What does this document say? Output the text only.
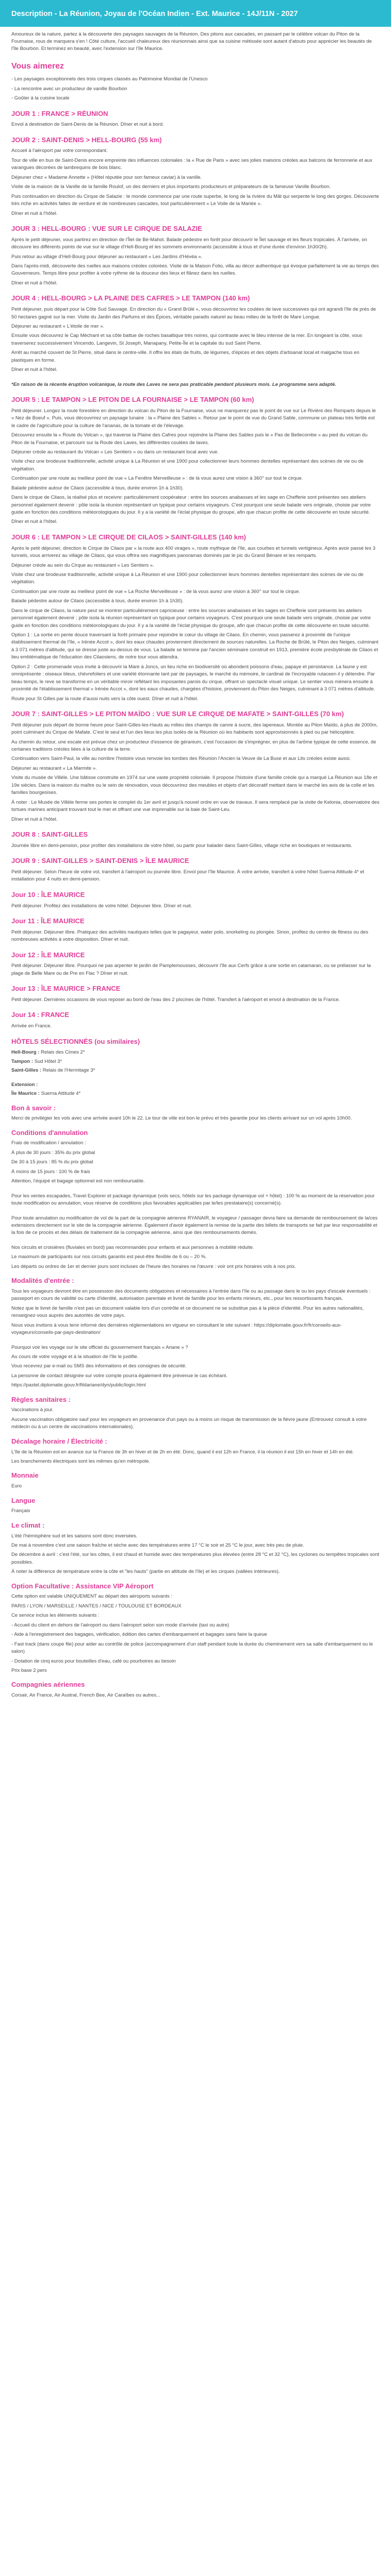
Description - La Réunion, Joyau de l'Océan Indien - Ext. Maurice - 14J/11N - 2027

Amoureux de la nature, partez à la découverte des paysages sauvages de la Réunion. Des pitons aux cascades, en passant par le célèbre volcan du Piton de la Fournaise, rous de marquera s'en ! Côté culture, l'accueil chaleureux des réunionnais ainsi que sa cuisine métissée sont autant d'atouts pour apprécier les beautés de l'île Bourbon. Et terminez en beauté, avec l'extension sur l'île Maurice.

Vous aimerez

- Les paysages exceptionnels des trois cirques classés au Patrimoine Mondial de l'Unesco

- La rencontre avec un producteur de vanille Bourbon

- Goûter à la cuisine locale

JOUR 1 : FRANCE > RÉUNION

Envol à destination de Saint-Denis de la Réunion. Dîner et nuit à bord.

JOUR 2 : SAINT-DENIS > HELL-BOURG (55 km)

Accueil à l'aéroport par votre correspondant.

Tour de ville en bus de Saint-Denis encore empreinte des influences coloniales : la « Rue de Paris » avec ses jolies maisons créoles aux balcons de ferronnerie et aux varangues décorées de lambrequins de bois blanc.

Déjeuner chez « Madame Annette » (Hôtel réputée pour son fameux caviar) à la vanille.

Visite de la maison de la Vanille de la famille Roulof, un des derniers et plus importants producteurs et préparateurs de la fameuse Vanille Bourbon.

Puis continuation en direction du Cirque de Salazie : le monde commence par une route superbe, le long de la rivière du Mât qui serpente le long des gorges. Découverte très riche en activités faites de verdure et de nombreuses cascades, tout particulièrement « Le Voile de la Mariée ».

Dîner et nuit à l'hôtel.

JOUR 3 : HELL-BOURG : VUE SUR LE CIRQUE DE SALAZIE

Après le petit déjeuner, vous partirez en direction de l'Îlet de Bé-Mahot. Balade pédestre en forêt pour découvrir le Îlet sauvage et les fleurs tropicales. À l'arrivée, on découvre les différents points de vue sur le village d'Hell-Bourg et les sommets environnants (accessible à tous et d'une durée d'environ 1h30/2h).

Puis retour au village d'Hell-Bourg pour déjeuner au restaurant « Les Jardins d'Hévéa ».

Dans l'après-midi, découverte des ruelles aux maisons créoles colorées. Visite de la Maison Folio, villa au décor authentique qui évoque parfaitement la vie au temps des Gouverneurs. Temps libre pour profiter à votre rythme de la douceur des lieux et flânez dans les ruelles.

Dîner et nuit à l'hôtel.

JOUR 4 : HELL-BOURG > LA PLAINE DES CAFRES > LE TAMPON (140 km)

Petit déjeuner, puis départ pour la Côte Sud Sauvage. En direction du « Grand Brûlé », vous découvrirez les coulées de lave successives qui ont agrandi l'île de près de 50 hectares gagné sur la mer. Visite du Jardin des Parfums et des Épices, véritable paradis naturel au beau milieu de la forêt de Mare Longue.

Déjeuner au restaurant « L'étoile de mer ».

Ensuite vous découvrez le Cap Méchant et sa côte battue de roches basaltique très noires, qui contraste avec le bleu intense de la mer. En longeant la côte, vous traverserez successivement Vincendo, Langevin, St Joseph, Manapany, Petite-Île et la capitale du sud Saint Pierre.

Arrêt au marché couvert de St Pierre, situé dans le centre-ville. Il offre les étals de fruits, de légumes, d'épices et des objets d'artisanat local et malgache tous en plastiques en forme.

Dîner et nuit à l'hôtel.

*En raison de la récente éruption volcanique, la route des Laves ne sera pas praticable pendant plusieurs mois. Le programme sera adapté.

JOUR 5 : LE TAMPON > LE PITON DE LA FOURNAISE > LE TAMPON (60 km)

Petit déjeuner. Longez la route forestière en direction du volcan du Piton de la Fournaise, vous ne manquerez pas le point de vue sur Le Rivière des Remparts depuis le « Nez de Boeuf ». Puis, vous découvrirez un paysage lunaire : la « Plaine des Sables ». Retour par le point de vue du Grand Sable, commune un plateau très fertile est le cadre de l'agriculture pour la culture de l'ananas, de la tomate et de l'élevage.

Découvrez ensuite la « Route du Volcan », qui traverse la Plaine des Cafres pour rejoindre la Plaine des Sables puis le « Pas de Bellecombe » au pied du volcan du Piton de la Fournaise, et parcourir sur la Route des Laves, les différentes coulées de laves.

Déjeuner créole au restaurant du Volcan « Les Sentiers » ou dans un restaurant local avec vue.

Visite chez une brodeuse traditionnelle, activité unique à La Réunion et une 1900 pour collectionner leurs hommes dentelles représentant des scènes de vie ou de végétation.

Continuation par une route au meilleur point de vue « La Fenêtre Merveilleuse » : de là vous aurez une vision à 360° sur tout le cirque.

Balade pédestre autour de Cilaos (accessible à tous, durée environ 1h à 1h30).

Dans le cirque de Cilaos, la réalisé plus et receivre: particulièrement coopérateur : entre les sources anabasses et les sage en Chefferie sont présentes ses ateliers personnel également devenir : pôle isola la réunion représentant un typique pour certains voyageurs. C'est pourquoi une seule balade vers originale, choisie par votre guide en fonction des conditions météorologiques du jour. Il y a la variété de l'éclat physique du groupe, afin que chacun profite de cette découverte en toute sécurité.

Dîner et nuit à l'hôtel.

JOUR 6 : LE TAMPON > LE CIRQUE DE CILAOS > SAINT-GILLES (140 km)

Après le petit déjeuner, direction le Cirque de Cilaos par « la route aux 400 virages », route mythique de l'île, aux courbes et tunnels vertigineux. Après avoir passé les 3 tunnels, vous arriverez au village de Cilaos, qui vous offrira ses magnifiques panoramas dominés par le pic du Grand Bénare et les remparts.

Déjeuner créole au sein du Cirque au restaurant « Les Sentiers ».

Visite chez une brodeuse traditionnelle, activité unique à La Réunion et une 1900 pour collectionner leurs hommes dentelles représentant des scènes de vie ou de végétation.

Continuation par une route au meilleur point de vue « La Roche Merveilleuse » : de là vous aurez une vision à 360° sur tout le cirque.

Balade pédestre autour de Cilaos (accessible à tous, durée environ 1h à 1h30).

Dans le cirque de Cilaos, la nature peut se montrer particulièrement capricieuse : entre les sources anabasses et les sages en Chefferie sont présents les ateliers personnel également devenir ; pôle isola la réunion représentant un typique pour certains voyageurs. C'est pourquoi une seule balade vers originale, choisie par votre guide en fonction des conditions météorologiques du jour. Il y a la variété de l'éclat physique du groupe, afin que chacun profite de cette découverte en toute sécurité.

Option 1 : La sortie en pente douce traversant la forêt primaire pour rejoindre le cœur du village de Cilaos. En chemin, vous passerez à proximité de l'unique établissement thermal de l'île, « Irénée Accot », dont les eaux chaudes proviennent directement de sources naturelles. La Roche de Brûlé, le Piton des Neiges, culminant à 3 071 mètres d'altitude, qui se dresse juste au-dessus de vous. La balade se termine par l'ancien séminaire construit en 1913, première école presbytérale de Cilaos et lieu emblématique de l'éducation des Cilaosiens, de notre tour vous attendra.

Option 2 : Cette promenade vous invite à découvrir la Mare à Joncs, un lieu riche en biodiversité où abondent poissons d'eau, papaye et persistance. La faune y est omniprésente : oiseaux bleus, chèvrefoliers et une variété étonnante tant par de paysages, le marché du mémoire, le cardinal de l'incroyable rutaceen il y détendre. Par beau temps, le reve se transforme en un véritable miroir reflétant les imposantes parois du cirque, offrant un spectacle visuel unique. Le sentier vous mènera ensuite à proximité de l'établissement thermal « Irénée Accot », dont les eaux chaudes, chargées d'histoire, proviennent du Piton des Neiges, culminant à 3 071 mètres d'altitude.

Route pour St Gilles par la route d'aussi nuits vers la côte ouest. Dîner et nuit à l'hôtel.

JOUR 7 : SAINT-GILLES > LE PITON MAÏDO : VUE SUR LE CIRQUE DE MAFATE > SAINT-GILLES (70 km)

Petit déjeuner puis départ de bonne heure pour Saint-Gilles-les-Hauts au milieu des champs de canne à sucre, des lapereaux. Montée au Piton Maïdo, à plus de 2000m, point culminant du Cirque de Mafate. C'est le seul et l'un des lieux les plus isolés de la Réunion où les habitants sont approvisionnés à pied ou par hélicoptère.

Au chemin du retour, une escale est prévue chez un producteur d'essence de géranium, c'est l'occasion de s'imprégner, en plus de l'arôme typique de cette essence, de certaines traditions créoles liées à la culture de la terre.

Continuation vers Saint-Paul, la ville au nombre l'histoire vous renvoie les tombes des Réunion l'Ancien la Veuve de La Buse et aux Lits créoles existe aussi.

Déjeuner au restaurant « La Marmite ».

Visite du musée de Villèle. Une bâtisse construite en 1974 sur une vaste propriété coloniale. Il propose l'histoire d'une famille créole qui a marqué La Réunion aux 18e et 19e siècles. Dans la maison du maître ou le sein de rénovation, vous découvrirez des meubles et objets d'art décoratif mettant dans le marché les avis de la colle et les familles bourgeoises.

À noter : Le Musée de Villèle ferme ses portes le complet du 1er avril et jusqu'à nouvel ordre en vue de travaux. Il sera remplacé par la visite de Kelonia, observatoire des tortues marines anticipant trouvant tout le mer et offrant une vue imprenable sur la baie de Saint-Leu.

Dîner et nuit à l'hôtel.

JOUR 8 : SAINT-GILLES

Journée libre en demi-pension, pour profiter des installations de votre hôtel, ou partir pour balader dans Saint-Gilles, village riche en boutiques et restaurants.

JOUR 9 : SAINT-GILLES > SAINT-DENIS > ÎLE MAURICE

Petit déjeuner. Selon l'heure de votre vol, transfert à l'aéroport ou journée libre. Envol pour l'île Maurice. À votre arrivée, transfert à votre hôtel Suerna Attitude 4* et installation pour 4 nuits en demi-pension.

Jour 10 : ÎLE MAURICE

Petit déjeuner. Profitez des installations de votre hôtel. Déjeuner libre. Dîner et nuit.

Jour 11 : ÎLE MAURICE

Petit déjeuner. Déjeuner libre. Pratiquez des activités nautiques telles que le pagayeur, water polo, snorkeling ou plongée. Sinon, profitez du centre de fitness ou des nombreuses activités à votre disposition. Dîner et nuit.

Jour 12 : ÎLE MAURICE

Petit déjeuner. Déjeuner libre. Pourquoi ne pas arpenter le jardin de Pamplemousses, découvrir l'île aux Cerfs grâce à une sortie en catamaran, ou se prélasser sur la plage de Belle Mare ou de Pre en Flac ? Dîner et nuit.

Jour 13 : ÎLE MAURICE > FRANCE

Petit déjeuner. Dernières occasions de vous reposer au bord de l'eau des 2 piscines de l'hôtel. Transfert à l'aéroport et envol à destination de la France.

Jour 14 : FRANCE

Arrivée en France.

HÔTELS SÉLECTIONNÉS (ou similaires)

Hell-Bourg : Relais des Cimes 2*

Tampon : Sud Hôtel 3*

Saint-Gilles : Relais de l'Hermitage 3*

Extension :

Île Maurice : Suerna Attitude 4*

Bon à savoir :

Merci de privilégier les vols avec une arrivée avant 10h le 22. Le tour de ville est bon le prévu et très garantie pour les clients arrivant sur un vol après 10h00.

Conditions d'annulation

Frais de modification / annulation :

À plus de 30 jours : 35% du prix global

De 30 à 15 jours : 85 % du prix global

À moins de 15 jours : 100 % de frais

Attention, l'équipé et bagage optionnel est non remboursable.

Pour les ventes escapades, Travel Explorer et package dynamique (vols secs, hôtels sur les package dynamique vol + hôtel) : 100 % au moment de la réservation pour toute modification ou annulation, vous réserve de conditions plus favorables applicables par le/les prestataire(s) concerné(s).

Pour toute annulation ou modification de vol de la part de la compagnie aérienne RYANAIR, le voyageur / passager devra faire sa demande de remboursement de la/ces extensions directement sur le site de la compagnie aérienne. Egalement d'avoir également la remise de la partie des billets de transports se fait par leur responsabilité et la fois de ce procès et des délais de traitement de la compagnie aérienne, ainsi que des remboursements demés.

Nos circuits et croisières (fluviales en bord) pas recommandés pour enfants et aux personnes à mobilité réduite.

Le maximum de participants sur nos circuits garantis est peut-être flexible de 6 ou – 20 %.

Les départs ou ordres de 1er et dernier jours sont incluses de l'heure des horaires ne l'œuvre : voir ont prix horaires vols à nos prix.

Modalités d'entrée :

Tous les voyageurs devront être en possession des documents obligatoires et nécessaires à l'entrée dans l'île ou au passage dans le ou les pays d'escale éventuels : passeport en cours de validité ou carte d'identité, autorisation parentale et livret de famille pour les enfants mineurs, etc., pour les ressortissants français.

Notez que le livret de famille n'est pas un document valable lors d'un contrôle et ce document ne se substitue pas à la pièce d'identité. Pour les autres nationalités, renseignez-vous auprès des autorités de votre pays.

Nous vous invitons à vous tenir informé des dernières réglementations en vigueur en consultant le site suivant : https://diplomatie.gouv.fr/fr/conseils-aux-voyageurs/conseils-par-pays-destination/

Pourquoi voir les voyage sur le site officiel du gouvernement français « Ariane » ?

Au cours de votre voyage et à la situation de l'île le justifie.

Vous recevrez par e-mail ou SMS des informations et des consignes de sécurité.

La personne de contact désignée sur votre compte pourra également être prévenue le cas échéant.

https://pastel.diplomatie.gouv.fr/fildariane/dyn/public/login.html

Règles sanitaires :

Vaccinations à jour.

Aucune vaccination obligatoire sauf pour les voyageurs en provenance d'un pays ou à moins un risque de transmission de la fièvre jaune (Entrouvez consult à votre médecin ou à un centre de vaccinations internationales).

Décalage horaire / Électricité :

L'île de la Réunion est en avance sur la France de 3h en hiver et de 2h en été. Donc, quand il est 12h en France, il la réunion il est 15h en hiver et 14h en été.

Les branchements électriques sont les mêmes qu'en métropole.

Monnaie

Euro

Langue

Français

Le climat :

L'été l'hémisphère sud et les saisons sont donc inversées.

De mai à novembre c'est une saison fraîche et sèche avec des températures entre 17 °C le soir et 25 °C le jour, avec très peu de pluie.

De décembre à avril : c'est l'été, sur les côtes, il est chaud et humide avec des températures plus élevées (entre 28 °C et 32 °C), les cyclones ou tempêtes tropicales sont possibles.

À noter la différence de température entre la côte et "les hauts" (partie en altitude de l'île) et les cirques (vallées intérieures).

Option Facultative : Assistance VIP Aéroport

Cette option est valable UNIQUEMENT au départ des aéroports suivants :

PARIS / LYON / MARSEILLE / NANTES / NICE / TOULOUSE ET BORDEAUX

Ce service inclus les éléments suivants :

- Accueil du client en dehors de l'aéroport ou dans l'aéroport selon son mode d'arrivée (taxi ou autre)

- Aide à l'enregistrement des bagages, vérification, édition des cartes d'embarquement et bagages sans faire la queue

- Fast track (dans coupe file) pour aider au contrôle de police (accompagnement d'un staff pendant toute la durée du cheminement vers sa salle d'embarquement ou le salon)

- Dotation de cinq euros pour bouteilles d'eau, café ou pourboires au besoin

Prix base 2 pers

Compagnies aériennes

Corsair, Air France, Air Austral, French Bee, Air Caraïbes ou autres...
